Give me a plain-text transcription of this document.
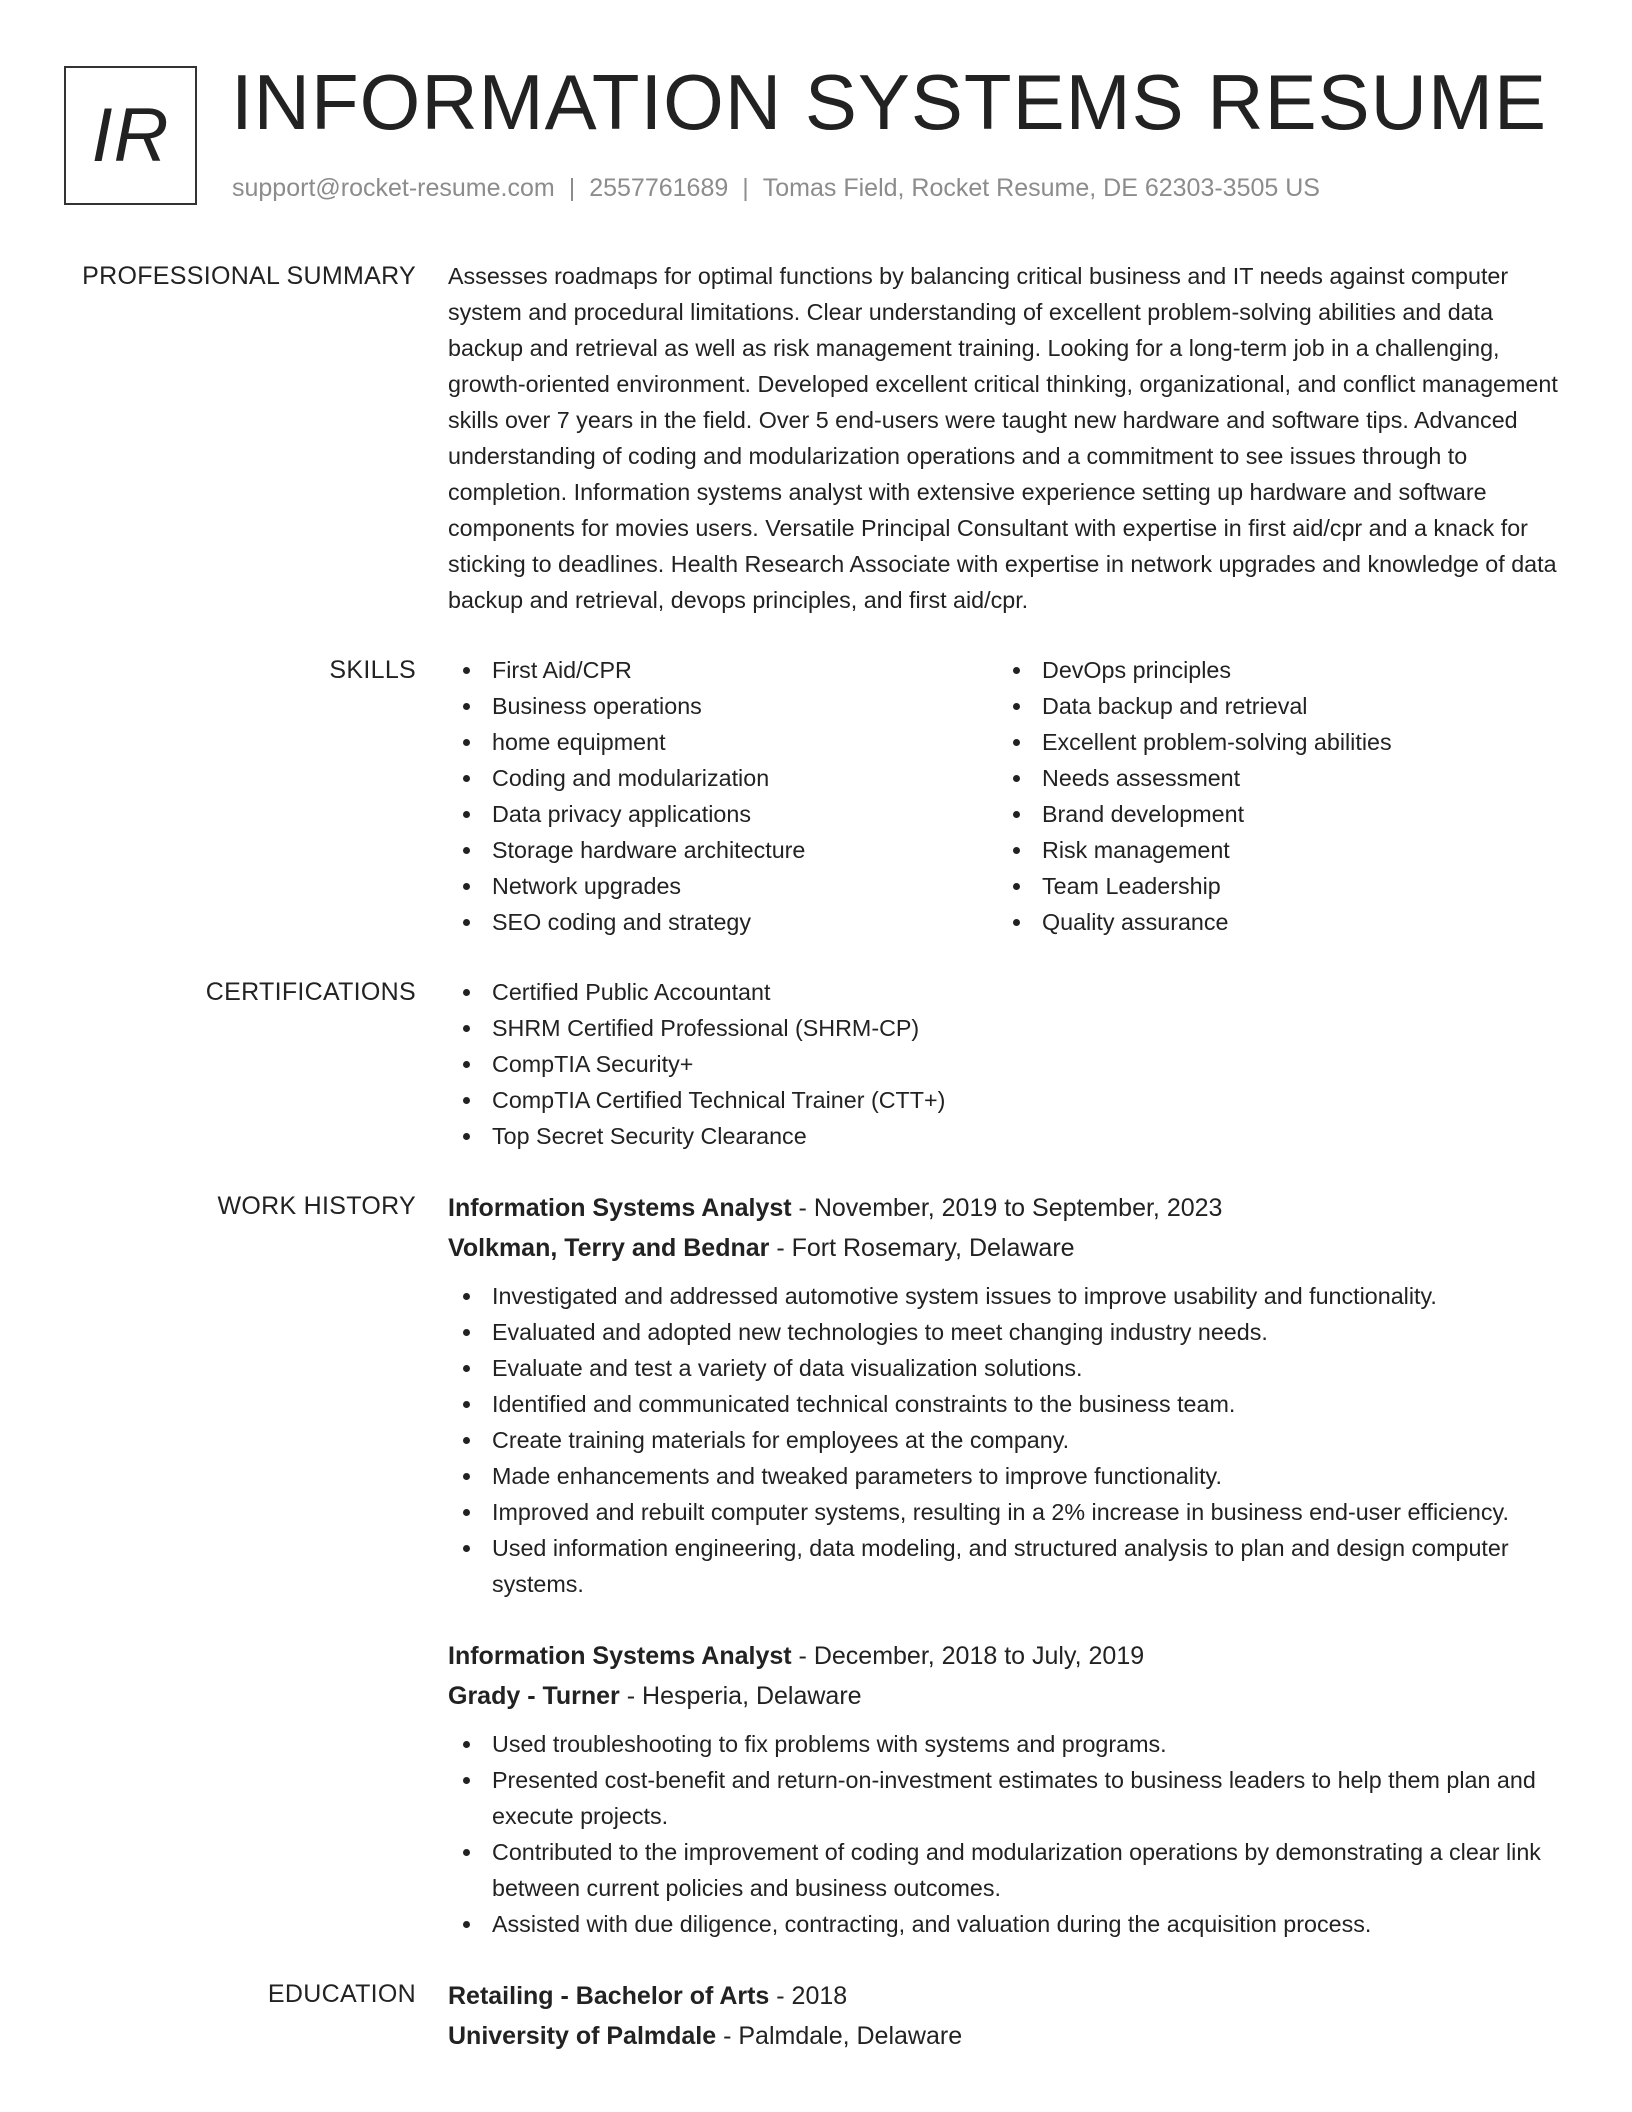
IR INFORMATION SYSTEMS RESUME
support@rocket-resume.com | 2557761689 | Tomas Field, Rocket Resume, DE 62303-3505 US
PROFESSIONAL SUMMARY Assesses roadmaps for optimal functions by balancing critical business and IT needs against computer system and procedural limitations. Clear understanding of excellent problem-solving abilities and data backup and retrieval as well as risk management training. Looking for a long-term job in a challenging, growth-oriented environment. Developed excellent critical thinking, organizational, and conflict management skills over 7 years in the field. Over 5 end-users were taught new hardware and software tips. Advanced understanding of coding and modularization operations and a commitment to see issues through to completion. Information systems analyst with extensive experience setting up hardware and software components for movies users. Versatile Principal Consultant with expertise in first aid/cpr and a knack for sticking to deadlines. Health Research Associate with expertise in network upgrades and knowledge of data backup and retrieval, devops principles, and first aid/cpr.

SKILLS	First Aid/CPR
Business operations
home equipment
Coding and modularization
Data privacy applications
Storage hardware architecture
Network upgrades
SEO coding and strategy
DevOps principles
Data backup and retrieval
Excellent problem-solving abilities
Needs assessment
Brand development
Risk management
Team Leadership
Quality assurance
CERTIFICATIONS	Certified Public Accountant
SHRM Certified Professional (SHRM-CP)
CompTIA Security+
CompTIA Certified Technical Trainer (CTT+)
Top Secret Security Clearance
WORK HISTORY Information Systems Analyst - November, 2019 to September, 2023
Volkman, Terry and Bednar - Fort Rosemary, Delaware
Investigated and addressed automotive system issues to improve usability and functionality.
Evaluated and adopted new technologies to meet changing industry needs.
Evaluate and test a variety of data visualization solutions.
Identified and communicated technical constraints to the business team.
Create training materials for employees at the company.
Made enhancements and tweaked parameters to improve functionality.
Improved and rebuilt computer systems, resulting in a 2% increase in business end-user efficiency.
Used information engineering, data modeling, and structured analysis to plan and design computer systems.
Information Systems Analyst - December, 2018 to July, 2019
Grady - Turner - Hesperia, Delaware
Used troubleshooting to fix problems with systems and programs.
Presented cost-benefit and return-on-investment estimates to business leaders to help them plan and execute projects.
Contributed to the improvement of coding and modularization operations by demonstrating a clear link between current policies and business outcomes.
Assisted with due diligence, contracting, and valuation during the acquisition process.
EDUCATION Retailing - Bachelor of Arts - 2018
University of Palmdale - Palmdale, Delaware
